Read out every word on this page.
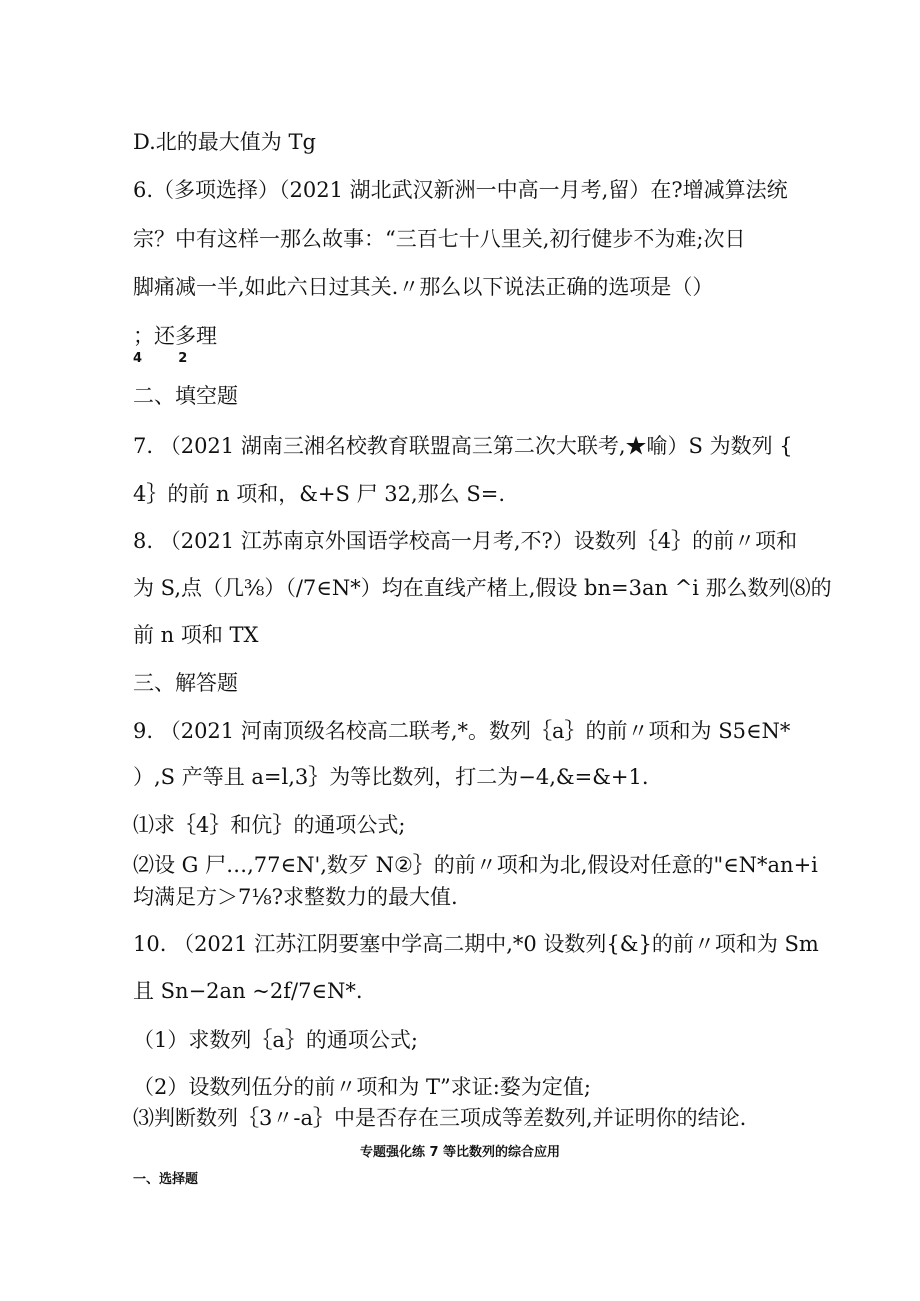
D.北的最大值为 Tg
6.（多项选择）（2021 湖北武汉新洲一中高一月考,留）在?增减算法统
宗？中有这样一那么故事：“三百七十八里关,初行健步不为难;次日
脚痛减一半,如此六日过其关.〃那么以下说法正确的选项是（）
；还多理
4        2
二、填空题
7. （2021 湖南三湘名校教育联盟高三第二次大联考,★喻）S 为数列 {
4｝的前 n 项和，&+S 尸 32,那么 S=.
8. （2021 江苏南京外国语学校高一月考,不?）设数列｛4｝的前〃项和
为 S,点（几⅜）（/7∈N*）均在直线产楮上,假设 bn=3an ^i 那么数列⑻的
前 n 项和 TX
三、解答题
9. （2021 河南顶级名校高二联考,*。数列｛a｝的前〃项和为 S5∈N*
）,S 产等且 a=l,3｝为等比数列，打二为−4,&=&+1.
⑴求｛4｝和伉｝的通项公式;
⑵设 G 尸…,77∈N',数歹 N②｝的前〃项和为北,假设对任意的"∈N*an+i
均满足方＞7⅛?求整数力的最大值.
10. （2021 江苏江阴要塞中学高二期中,*0 设数列{&}的前〃项和为 Sm
且 Sn−2an ~2f/7∈N*.
（1）求数列｛a｝的通项公式;
（2）设数列伍分的前〃项和为 T”求证:婺为定值;
⑶判断数列｛3〃-a｝中是否存在三项成等差数列,并证明你的结论.
专题强化练 7 等比数列的综合应用
一、选择题
